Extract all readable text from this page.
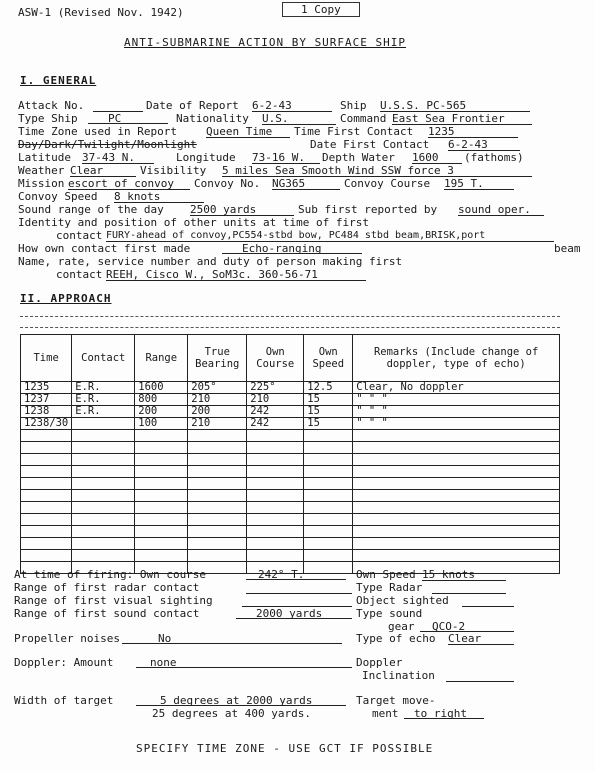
ASW-1 (Revised Nov. 1942)	1 Copy
ANTI-SUBMARINE ACTION BY SURFACE SHIP
I. GENERAL
Attack No.	Date of Report 6-2-43	Ship U.S.S. PC-565
Type Ship	PC	Nationality U.S.	Command East Sea Frontier
Time Zone used in Report	Queen Time	Time First Contact 1235
Day/Dark/Twilight/Moonlight	Date First Contact 6-2-43
Latitude 37-43 N.	Longitude 73-16 W.	Depth Water 1600	(fathoms)
Weather Clear	Visibility 5 miles Sea Smooth Wind SSW force 3
Mission escort of convoy	Convoy No. NG365	Convoy Course 195 T.
Convoy Speed 8 knots
Sound range of the day 2500 yards	Sub first reported by sound oper.
Identity and position of other units at time of first
contact FURY-ahead of convoy,PC554-stbd bow, PC484 stbd beam,BRISK,port
How own contact first made	Echo-ranging	beam
Name, rate, service number and duty of person making first
contact REEH, Cisco W., SoM3c. 360-56-71
II. APPROACH
Time	Contact	Range	True Bearing	Own Course	Own Speed	Remarks (Include change of doppler, type of echo)
1235	E.R.	1600	205°	225°	12.5	Clear, No doppler
1237	E.R.	800	210	210	15	" " "
1238	E.R.	200	200	242	15	" " "
1238/30		100	210	242	15	" " "

At time of firing: Own course	242° T.	Own Speed 15 knots
Range of first radar contact	Type Radar
Range of first visual sighting	Object sighted
Range of first sound contact	2000 yards	Type sound
gear	QCO-2
Propeller noises	No	Type of echo Clear
Doppler: Amount	none	Doppler
Inclination
Width of target	5 degrees at 2000 yards
25 degrees at 400 yards.
Target move-
ment	to right
SPECIFY TIME ZONE - USE GCT IF POSSIBLE
